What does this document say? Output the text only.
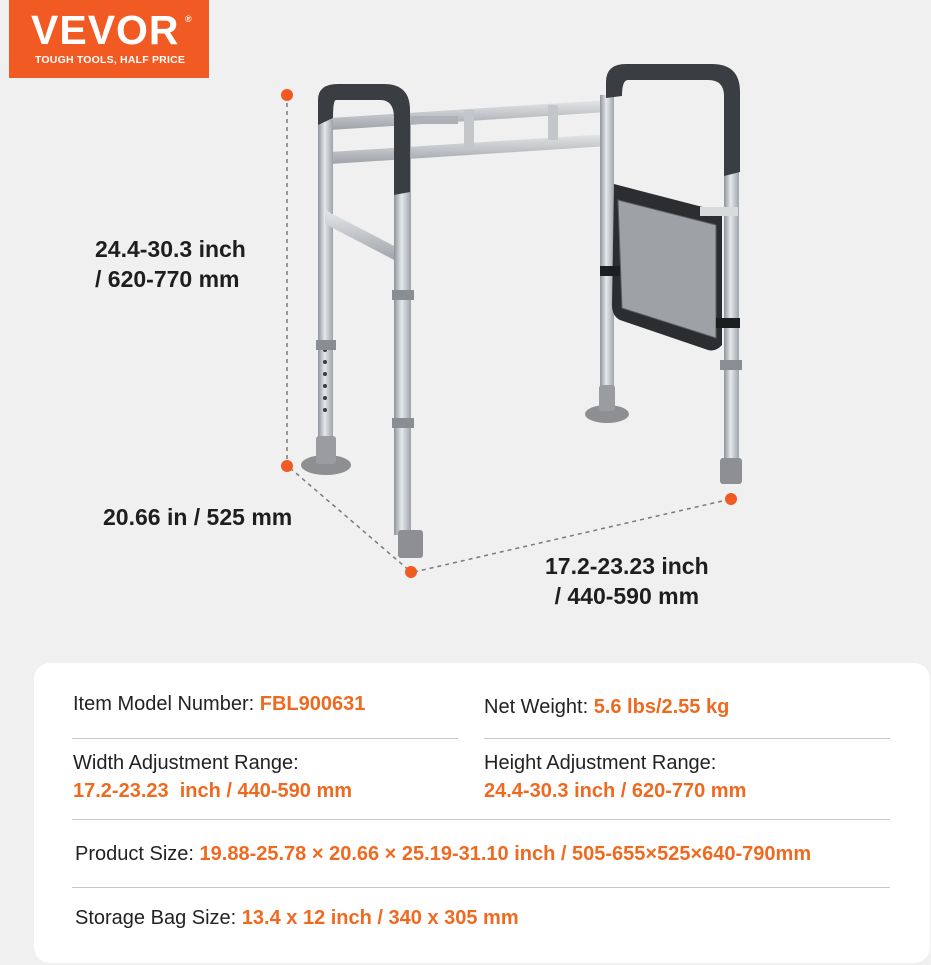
VEVOR ®
TOUGH TOOLS, HALF PRICE
24.4-30.3 inch
/ 620-770 mm
20.66 in / 525 mm
17.2-23.23 inch
/ 440-590 mm
Item Model Number: FBL900631	Net Weight: 5.6 lbs/2.55 kg
Width Adjustment Range:
17.2-23.23  inch / 440-590 mm
Height Adjustment Range:
24.4-30.3 inch / 620-770 mm
Product Size: 19.88-25.78 × 20.66 × 25.19-31.10 inch / 505-655×525×640-790mm
Storage Bag Size: 13.4 x 12 inch / 340 x 305 mm
